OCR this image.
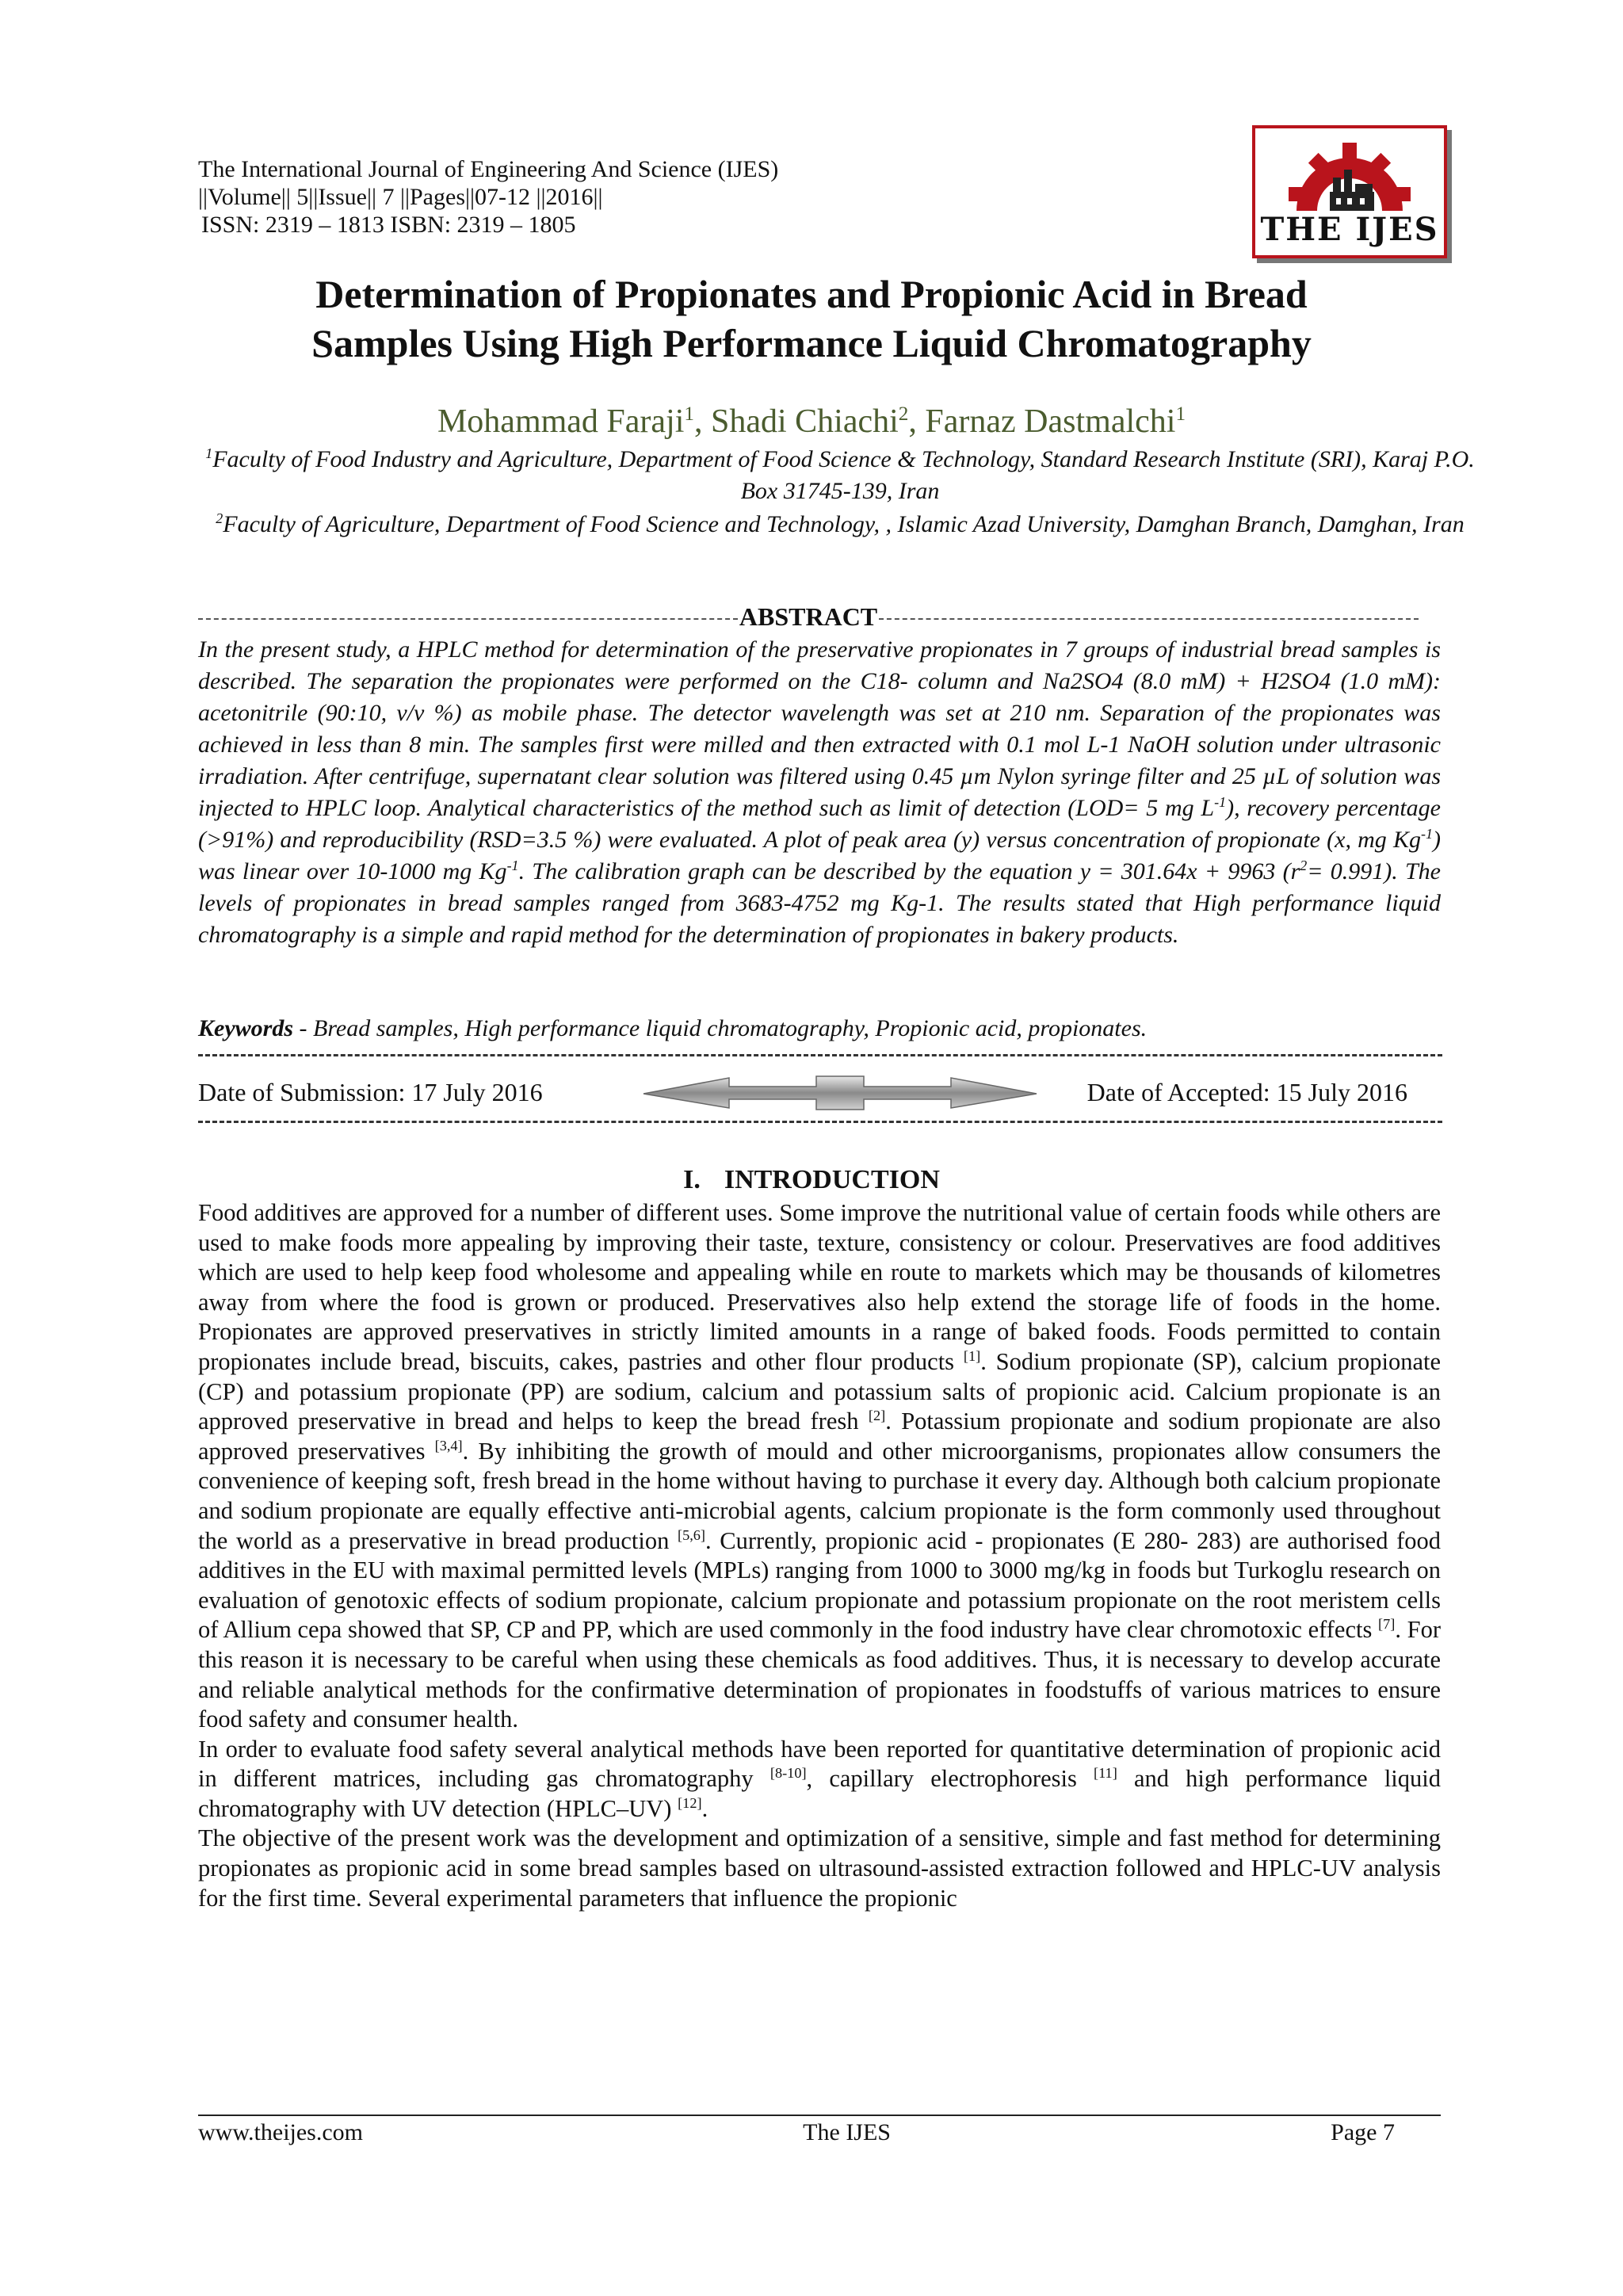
The International Journal of Engineering And Science (IJES)
||Volume|| 5||Issue|| 7 ||Pages||07-12 ||2016||
ISSN: 2319 – 1813 ISBN: 2319 – 1805	THE IJES
Determination of Propionates and Propionic Acid in Bread
Samples Using High Performance Liquid Chromatography
Mohammad Faraji$^1$, Shadi Chiachi$^2$, Farnaz Dastmalchi$^1$
$^1$Faculty of Food Industry and Agriculture, Department of Food Science & Technology, Standard Research Institute (SRI), Karaj P.O. Box 31745-139, Iran
$^2$Faculty of Agriculture, Department of Food Science and Technology, , Islamic Azad University, Damghan Branch, Damghan, Iran
ABSTRACT
In the present study, a HPLC method for determination of the preservative propionates in 7 groups of industrial bread samples is described. The separation the propionates were performed on the C18- column and Na2SO4 (8.0 mM) + H2SO4 (1.0 mM): acetonitrile (90:10, v/v %) as mobile phase. The detector wavelength was set at 210 nm. Separation of the propionates was achieved in less than 8 min. The samples first were milled and then extracted with 0.1 mol L-1 NaOH solution under ultrasonic irradiation. After centrifuge, supernatant clear solution was filtered using 0.45 µm Nylon syringe filter and 25 µL of solution was injected to HPLC loop. Analytical characteristics of the method such as limit of detection (LOD= 5 mg $L^{-1}$), recovery percentage (>91%) and reproducibility (RSD=3.5 %) were evaluated. A plot of peak area (y) versus concentration of propionate (x, mg $Kg^{-1}$) was linear over 10-1000 mg $Kg^{-1}$. The calibration graph can be described by the equation y = 301.64x + 9963 $(r^2= 0.991)$. The levels of propionates in bread samples ranged from 3683-4752 mg Kg-1. The results stated that High performance liquid chromatography is a simple and rapid method for the determination of propionates in bakery products.
Keywords - Bread samples, High performance liquid chromatography, Propionic acid, propionates.
Date of Submission: 17 July 2016	Date of Accepted: 15 July 2016
I. INTRODUCTION

Food additives are approved for a number of different uses. Some improve the nutritional value of certain foods while others are used to make foods more appealing by improving their taste, texture, consistency or colour. Preservatives are food additives which are used to help keep food wholesome and appealing while en route to markets which may be thousands of kilometres away from where the food is grown or produced. Preservatives also help extend the storage life of foods in the home. Propionates are approved preservatives in strictly limited amounts in a range of baked foods. Foods permitted to contain propionates include bread, biscuits, cakes, pastries and other flour products [1]. Sodium propionate (SP), calcium propionate (CP) and potassium propionate (PP) are sodium, calcium and potassium salts of propionic acid. Calcium propionate is an approved preservative in bread and helps to keep the bread fresh [2]. Potassium propionate and sodium propionate are also approved preservatives [3,4]. By inhibiting the growth of mould and other microorganisms, propionates allow consumers the convenience of keeping soft, fresh bread in the home without having to purchase it every day. Although both calcium propionate and sodium propionate are equally effective anti-microbial agents, calcium propionate is the form commonly used throughout the world as a preservative in bread production [5,6]. Currently, propionic acid - propionates (E 280- 283) are authorised food additives in the EU with maximal permitted levels (MPLs) ranging from 1000 to 3000 mg/kg in foods but Turkoglu research on evaluation of genotoxic effects of sodium propionate, calcium propionate and potassium propionate on the root meristem cells of Allium cepa showed that SP, CP and PP, which are used commonly in the food industry have clear chromotoxic effects [7]. For this reason it is necessary to be careful when using these chemicals as food additives. Thus, it is necessary to develop accurate and reliable analytical methods for the confirmative determination of propionates in foodstuffs of various matrices to ensure food safety and consumer health.

In order to evaluate food safety several analytical methods have been reported for quantitative determination of propionic acid in different matrices, including gas chromatography [8-10], capillary electrophoresis [11] and high performance liquid chromatography with UV detection (HPLC–UV) [12].

The objective of the present work was the development and optimization of a sensitive, simple and fast method for determining propionates as propionic acid in some bread samples based on ultrasound-assisted extraction followed and HPLC-UV analysis for the first time. Several experimental parameters that influence the propionic

www.theijes.com	The IJES	Page 7
